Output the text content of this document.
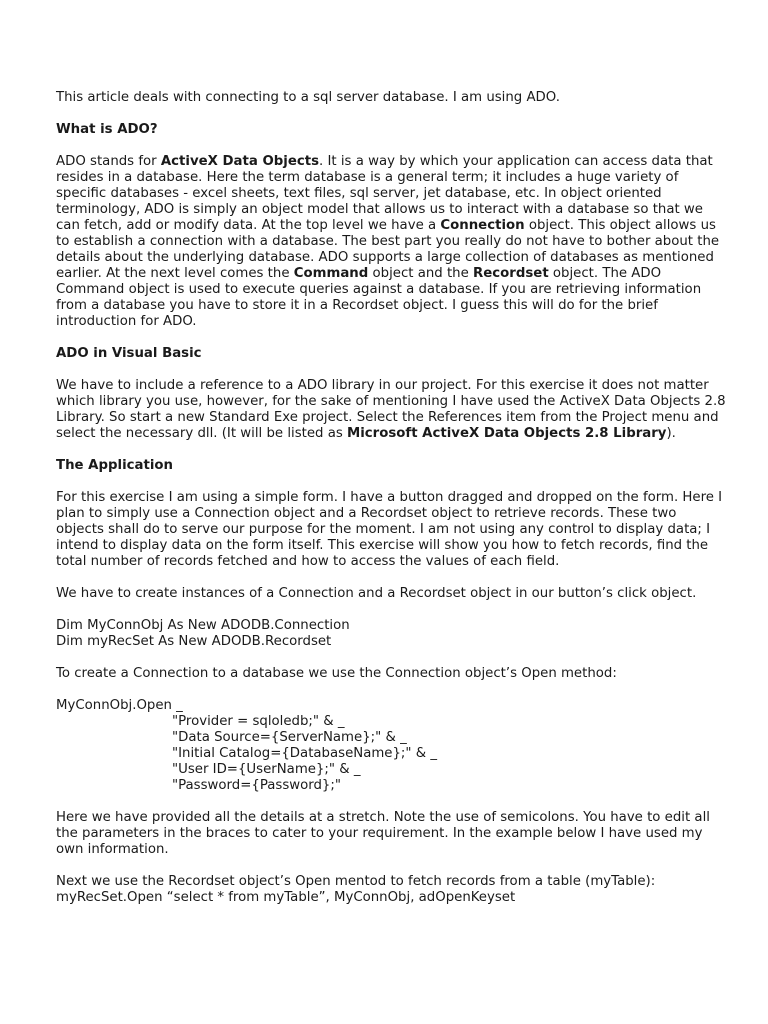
This article deals with connecting to a sql server database. I am using ADO.

What is ADO?

ADO stands for ActiveX Data Objects. It is a way by which your application can access data that resides in a database. Here the term database is a general term; it includes a huge variety of specific databases - excel sheets, text files, sql server, jet database, etc. In object oriented terminology, ADO is simply an object model that allows us to interact with a database so that we can fetch, add or modify data. At the top level we have a Connection object. This object allows us to establish a connection with a database. The best part you really do not have to bother about the details about the underlying database. ADO supports a large collection of databases as mentioned earlier. At the next level comes the Command object and the Recordset object. The ADO Command object is used to execute queries against a database. If you are retrieving information from a database you have to store it in a Recordset object. I guess this will do for the brief introduction for ADO.

ADO in Visual Basic

We have to include a reference to a ADO library in our project. For this exercise it does not matter which library you use, however, for the sake of mentioning I have used the ActiveX Data Objects 2.8 Library. So start a new Standard Exe project. Select the References item from the Project menu and select the necessary dll. (It will be listed as Microsoft ActiveX Data Objects 2.8 Library).

The Application

For this exercise I am using a simple form. I have a button dragged and dropped on the form. Here I plan to simply use a Connection object and a Recordset object to retrieve records. These two objects shall do to serve our purpose for the moment. I am not using any control to display data; I intend to display data on the form itself. This exercise will show you how to fetch records, find the total number of records fetched and how to access the values of each field.

We have to create instances of a Connection and a Recordset object in our button’s click object.

Dim MyConnObj As New ADODB.Connection
Dim myRecSet As New ADODB.Recordset

To create a Connection to a database we use the Connection object’s Open method:

MyConnObj.Open _
"Provider = sqloledb;" & _
"Data Source={ServerName};" & _
"Initial Catalog={DatabaseName};" & _
"User ID={UserName};" & _
"Password={Password};"

Here we have provided all the details at a stretch. Note the use of semicolons. You have to edit all the parameters in the braces to cater to your requirement. In the example below I have used my own information.

Next we use the Recordset object’s Open mentod to fetch records from a table (myTable):
myRecSet.Open “select * from myTable”, MyConnObj, adOpenKeyset
